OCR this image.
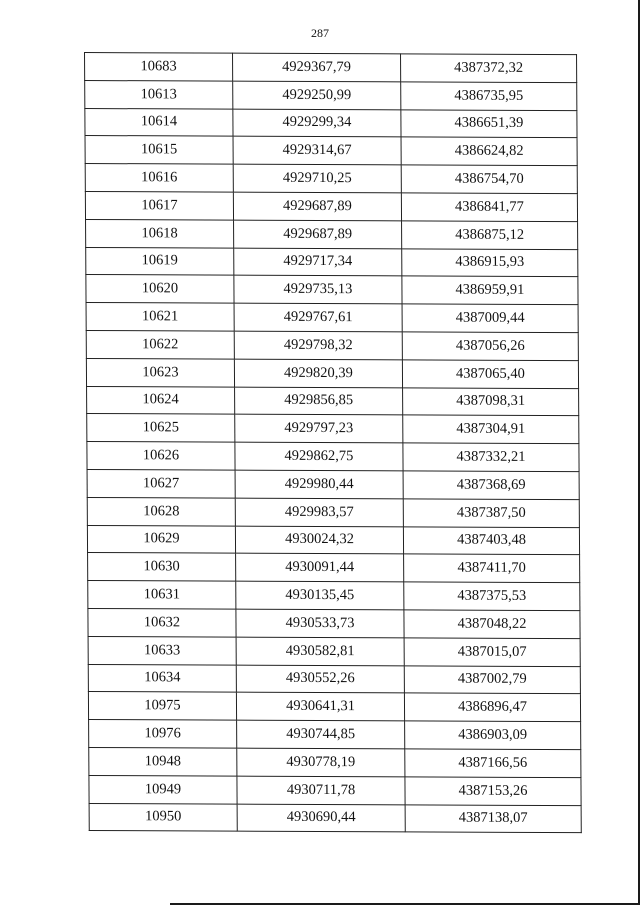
287
10683	4929367,79	4387372,32
10613	4929250,99	4386735,95
10614	4929299,34	4386651,39
10615	4929314,67	4386624,82
10616	4929710,25	4386754,70
10617	4929687,89	4386841,77
10618	4929687,89	4386875,12
10619	4929717,34	4386915,93
10620	4929735,13	4386959,91
10621	4929767,61	4387009,44
10622	4929798,32	4387056,26
10623	4929820,39	4387065,40
10624	4929856,85	4387098,31
10625	4929797,23	4387304,91
10626	4929862,75	4387332,21
10627	4929980,44	4387368,69
10628	4929983,57	4387387,50
10629	4930024,32	4387403,48
10630	4930091,44	4387411,70
10631	4930135,45	4387375,53
10632	4930533,73	4387048,22
10633	4930582,81	4387015,07
10634	4930552,26	4387002,79
10975	4930641,31	4386896,47
10976	4930744,85	4386903,09
10948	4930778,19	4387166,56
10949	4930711,78	4387153,26
10950	4930690,44	4387138,07
